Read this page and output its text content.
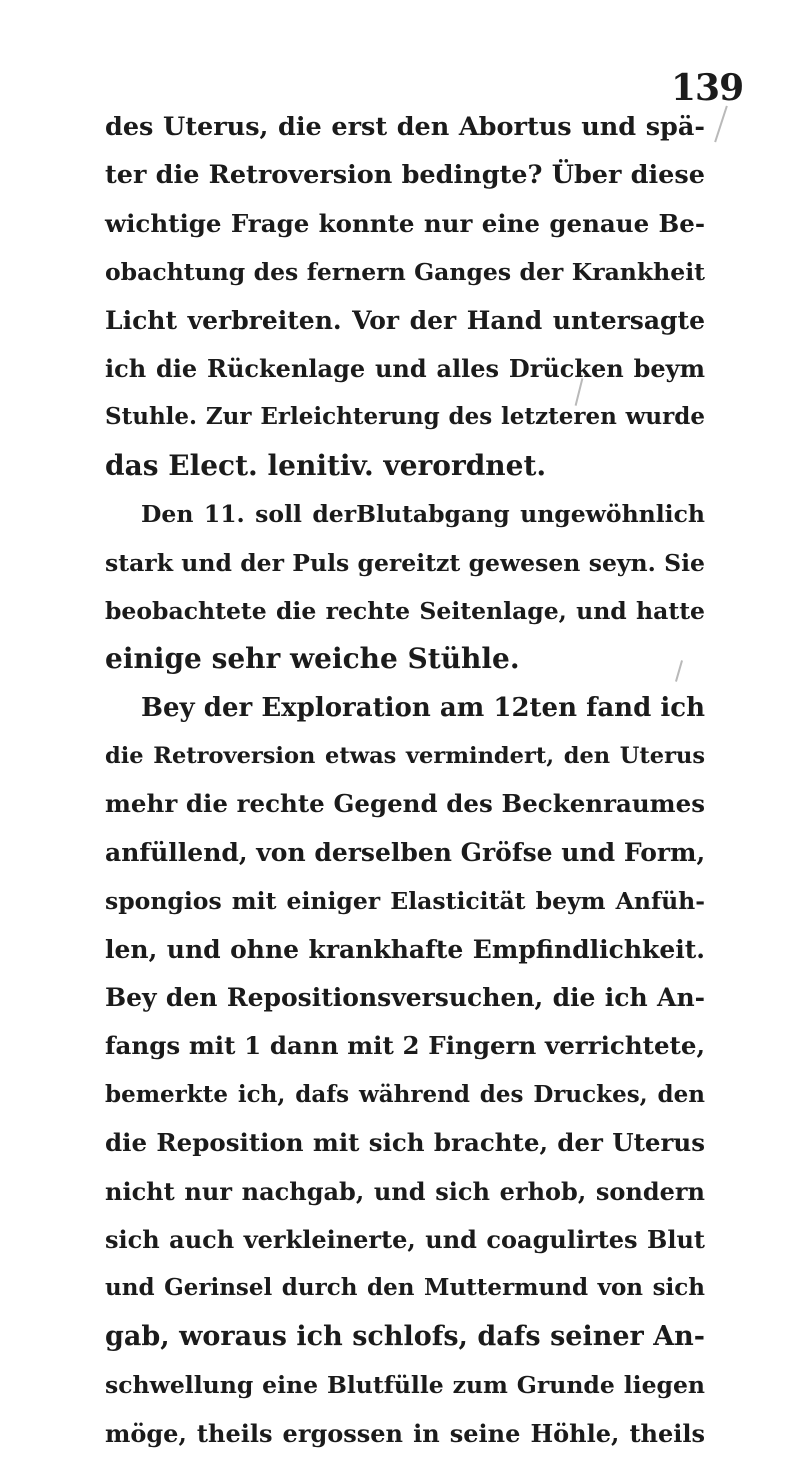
139
des Uterus, die erst den Abortus und spä-
ter die Retroversion bedingte? Über diese
wichtige Frage konnte nur eine genaue Be-
obachtung des fernern Ganges der Krankheit
Licht verbreiten. Vor der Hand untersagte
ich die Rückenlage und alles Drücken beym
Stuhle. Zur Erleichterung des letzteren wurde
das Elect. lenitiv. verordnet.
Den 11. soll derBlutabgang ungewöhnlich
stark und der Puls gereitzt gewesen seyn. Sie
beobachtete die rechte Seitenlage, und hatte
einige sehr weiche Stühle.
Bey der Exploration am 12ten fand ich
die Retroversion etwas vermindert, den Uterus
mehr die rechte Gegend des Beckenraumes
anfüllend, von derselben Gröfse und Form,
spongios mit einiger Elasticität beym Anfüh-
len, und ohne krankhafte Empfindlichkeit.
Bey den Repositionsversuchen, die ich An-
fangs mit 1 dann mit 2 Fingern verrichtete,
bemerkte ich, dafs während des Druckes, den
die Reposition mit sich brachte, der Uterus
nicht nur nachgab, und sich erhob, sondern
sich auch verkleinerte, und coagulirtes Blut
und Gerinsel durch den Muttermund von sich
gab, woraus ich schlofs, dafs seiner An-
schwellung eine Blutfülle zum Grunde liegen
möge, theils ergossen in seine Höhle, theils
